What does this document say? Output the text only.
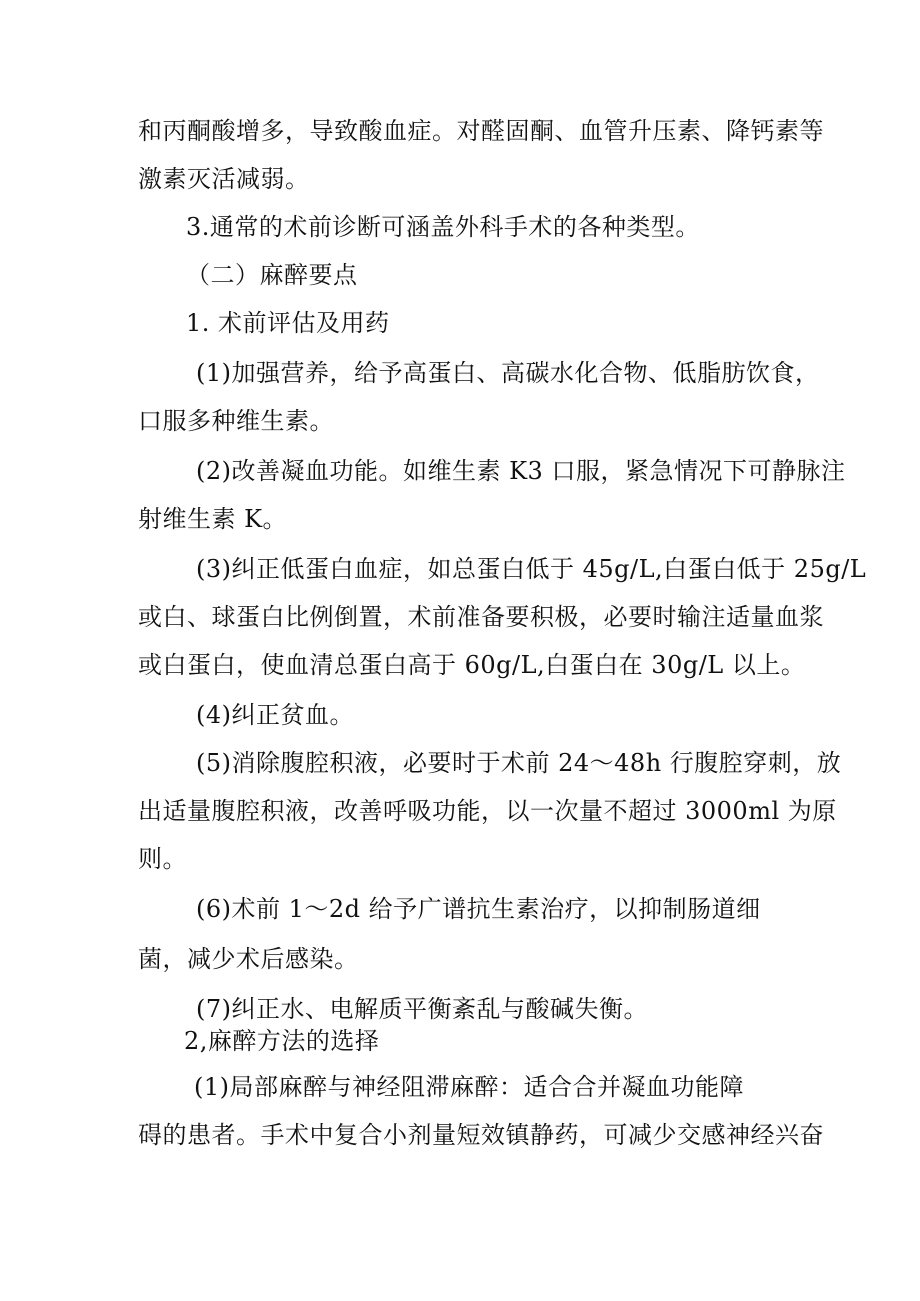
和丙酮酸增多，导致酸血症。对醛固酮、血管升压素、降钙素等
激素灭活减弱。
3.通常的术前诊断可涵盖外科手术的各种类型。
（二）麻醉要点
1. 术前评估及用药
(1)加强营养，给予高蛋白、高碳水化合物、低脂肪饮食，
口服多种维生素。
(2)改善凝血功能。如维生素 K3 口服，紧急情况下可静脉注
射维生素 K。
(3)纠正低蛋白血症，如总蛋白低于 45g/L,白蛋白低于 25g/L
或白、球蛋白比例倒置，术前准备要积极，必要时输注适量血浆
或白蛋白，使血清总蛋白高于 60g/L,白蛋白在 30g/L 以上。
(4)纠正贫血。
(5)消除腹腔积液，必要时于术前 24～48h 行腹腔穿刺，放
出适量腹腔积液，改善呼吸功能，以一次量不超过 3000ml 为原
则。
(6)术前 1～2d 给予广谱抗生素治疗，以抑制肠道细
菌，减少术后感染。
(7)纠正水、电解质平衡紊乱与酸碱失衡。
2,麻醉方法的选择
(1)局部麻醉与神经阻滞麻醉：适合合并凝血功能障
碍的患者。手术中复合小剂量短效镇静药，可减少交感神经兴奋
